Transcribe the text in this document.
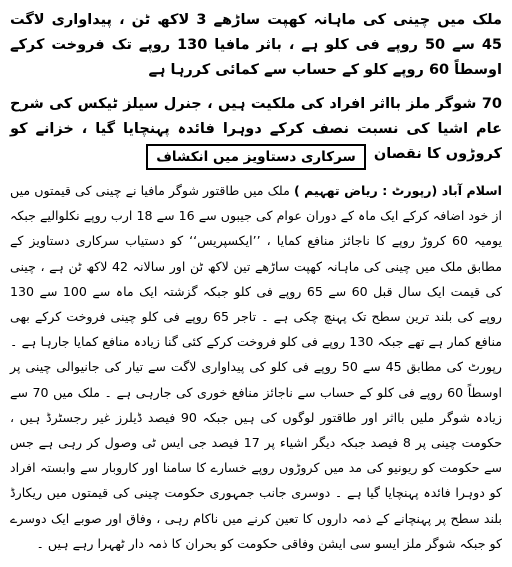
ملک میں چینی کی ماہانہ کھپت ساڑھے 3 لاکھ ٹن ، پیداواری لاگت 45 سے 50 روپے فی کلو ہے ، باثر مافیا 130 روپے تک فروخت کرکے اوسطاً 60 روپے کلو کے حساب سے کمائی کررہا ہے

70 شوگر ملز بااثر افراد کی ملکیت ہیں ، جنرل سیلز ٹیکس کی شرح عام اشیا کی نسبت نصف کرکے دوہرا فائدہ پہنچایا گیا ، خزانے کو کروڑوں کا نقصان

سرکاری دستاویز میں انکشاف

اسلام آباد (رپورٹ : ریاض تھہیم ) ملک میں طاقتور شوگر مافیا نے چینی کی قیمتوں میں از خود اضافہ کرکے ایک ماہ کے دوران عوام کی جیبوں سے 16 سے 18 ارب روپے نکلوالیے جبکہ یومیہ 60 کروڑ روپے کا ناجائز منافع کمایا ، ’’ایکسپریس‘‘ کو دستیاب سرکاری دستاویز کے مطابق ملک میں چینی کی ماہانہ کھپت ساڑھے تین لاکھ ٹن اور سالانہ 42 لاکھ ٹن ہے ، چینی کی قیمت ایک سال قبل 60 سے 65 روپے فی کلو جبکہ گزشتہ ایک ماہ سے 100 سے 130 روپے کی بلند ترین سطح تک پہنچ چکی ہے ۔ تاجر 65 روپے فی کلو چینی فروخت کرکے بھی منافع کمار ہے تھے جبکہ 130 روپے فی کلو فروخت کرکے کئی گنا زیادہ منافع کمایا جارہا ہے ۔ رپورٹ کی مطابق 45 سے 50 روپے فی کلو کی پیداواری لاگت سے تیار کی جانیوالی چینی پر اوسطاً 60 روپے فی کلو کے حساب سے ناجائز منافع خوری کی جارہی ہے ۔ ملک میں 70 سے زیادہ شوگر ملیں بااثر اور طاقتور لوگوں کی ہیں جبکہ 90 فیصد ڈیلرز غیر رجسٹرڈ ہیں ، حکومت چینی پر 8 فیصد جبکہ دیگر اشیاء پر 17 فیصد جی ایس ٹی وصول کر رہی ہے جس سے حکومت کو ریونیو کی مد میں کروڑوں روپے خسارے کا سامنا اور کاروبار سے وابستہ افراد کو دوہرا فائدہ پہنچایا گیا ہے ۔ دوسری جانب جمہوری حکومت چینی کی قیمتوں میں ریکارڈ بلند سطح پر پہنچانے کے ذمہ داروں کا تعین کرنے میں ناکام رہی ، وفاق اور صوبے ایک دوسرے کو جبکہ شوگر ملز ایسو سی ایشن وفاقی حکومت کو بحران کا ذمہ دار ٹھہرا رہے ہیں ۔
